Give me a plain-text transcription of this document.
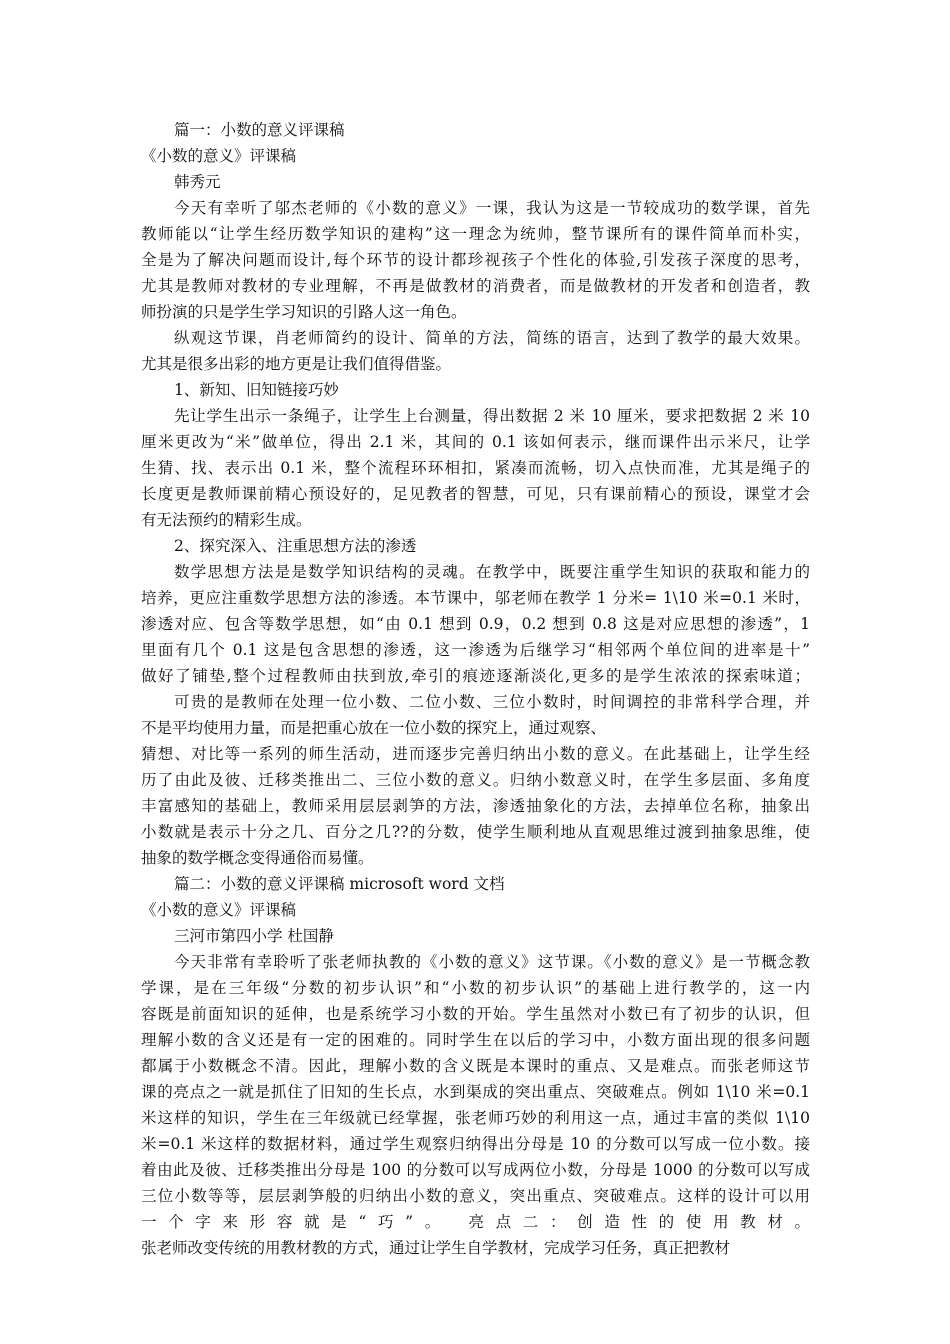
篇一：小数的意义评课稿

《小数的意义》评课稿

韩秀元

今天有幸听了邬杰老师的《小数的意义》一课，我认为这是一节较成功的数学课，首先

教师能以“让学生经历数学知识的建构”这一理念为统帅，整节课所有的课件简单而朴实，

全是为了解决问题而设计,每个环节的设计都珍视孩子个性化的体验,引发孩子深度的思考，

尤其是教师对教材的专业理解，不再是做教材的消费者，而是做教材的开发者和创造者，教

师扮演的只是学生学习知识的引路人这一角色。

纵观这节课，肖老师简约的设计、简单的方法，简练的语言，达到了教学的最大效果。

尤其是很多出彩的地方更是让我们值得借鉴。

1、新知、旧知链接巧妙

先让学生出示一条绳子，让学生上台测量，得出数据 2 米 10 厘米，要求把数据 2 米 10

厘米更改为“米”做单位，得出 2.1 米，其间的 0.1 该如何表示，继而课件出示米尺，让学

生猜、找、表示出 0.1 米，整个流程环环相扣，紧凑而流畅，切入点快而准，尤其是绳子的

长度更是教师课前精心预设好的，足见教者的智慧，可见，只有课前精心的预设，课堂才会

有无法预约的精彩生成。

2、探究深入、注重思想方法的渗透

数学思想方法是是数学知识结构的灵魂。在教学中，既要注重学生知识的获取和能力的

培养，更应注重数学思想方法的渗透。本节课中，邬老师在教学 1 分米= 1\10 米=0.1 米时，

渗透对应、包含等数学思想，如“由 0.1 想到 0.9，0.2 想到 0.8 这是对应思想的渗透”，1

里面有几个 0.1 这是包含思想的渗透，这一渗透为后继学习“相邻两个单位间的进率是十”

做好了铺垫,整个过程教师由扶到放,牵引的痕迹逐渐淡化,更多的是学生浓浓的探索味道；

可贵的是教师在处理一位小数、二位小数、三位小数时，时间调控的非常科学合理，并

不是平均使用力量，而是把重心放在一位小数的探究上，通过观察、

猜想、对比等一系列的师生活动，进而逐步完善归纳出小数的意义。在此基础上，让学生经

历了由此及彼、迁移类推出二、三位小数的意义。归纳小数意义时，在学生多层面、多角度

丰富感知的基础上，教师采用层层剥笋的方法，渗透抽象化的方法，去掉单位名称，抽象出

小数就是表示十分之几、百分之几??的分数，使学生顺利地从直观思维过渡到抽象思维，使

抽象的数学概念变得通俗而易懂。

篇二：小数的意义评课稿 microsoft word 文档

《小数的意义》评课稿

三河市第四小学 杜国静

今天非常有幸聆听了张老师执教的《小数的意义》这节课。《小数的意义》是一节概念教

学课，是在三年级“分数的初步认识”和“小数的初步认识”的基础上进行教学的，这一内

容既是前面知识的延伸，也是系统学习小数的开始。学生虽然对小数已有了初步的认识，但

理解小数的含义还是有一定的困难的。同时学生在以后的学习中，小数方面出现的很多问题

都属于小数概念不清。因此，理解小数的含义既是本课时的重点、又是难点。而张老师这节

课的亮点之一就是抓住了旧知的生长点，水到渠成的突出重点、突破难点。例如 1\10 米=0.1

米这样的知识，学生在三年级就已经掌握，张老师巧妙的利用这一点，通过丰富的类似 1\10

米=0.1 米这样的数据材料，通过学生观察归纳得出分母是 10 的分数可以写成一位小数。接

着由此及彼、迁移类推出分母是 100 的分数可以写成两位小数，分母是 1000 的分数可以写成

三位小数等等，层层剥笋般的归纳出小数的意义，突出重点、突破难点。这样的设计可以用

一个字来形容就是“巧”。 亮点二：创造性的使用教材。

张老师改变传统的用教材教的方式，通过让学生自学教材，完成学习任务，真正把教材
